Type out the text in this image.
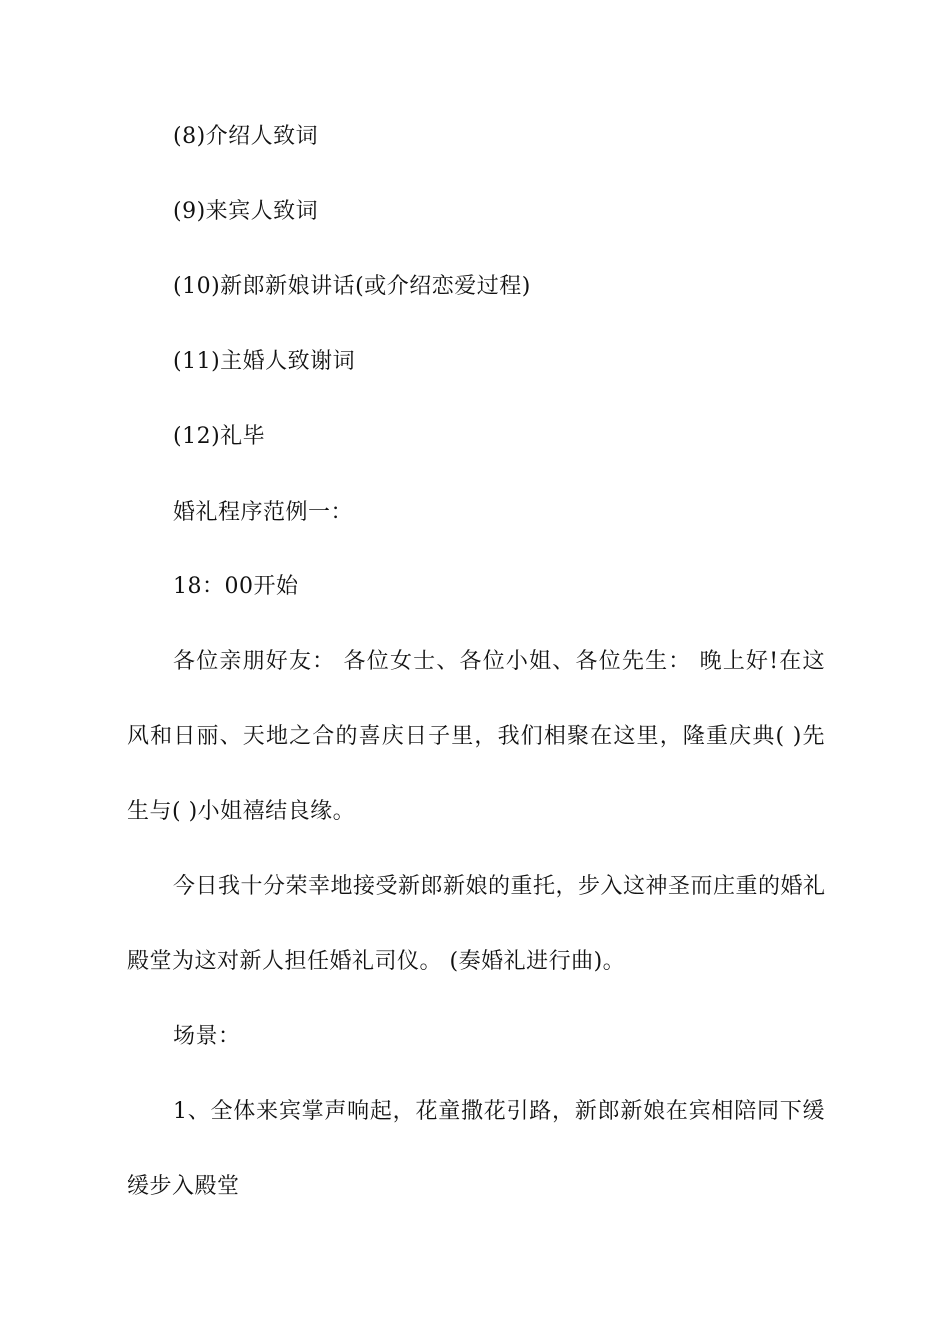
(8)介绍人致词
(9)来宾人致词
(10)新郎新娘讲话(或介绍恋爱过程)
(11)主婚人致谢词
(12)礼毕
婚礼程序范例一：
18：00开始
各位亲朋好友： 各位女士、各位小姐、各位先生： 晚上好!在这
风和日丽、天地之合的喜庆日子里，我们相聚在这里，隆重庆典( )先
生与( )小姐禧结良缘。
今日我十分荣幸地接受新郎新娘的重托，步入这神圣而庄重的婚礼
殿堂为这对新人担任婚礼司仪。 (奏婚礼进行曲)。
场景：
1、全体来宾掌声响起，花童撒花引路，新郎新娘在宾相陪同下缓
缓步入殿堂
